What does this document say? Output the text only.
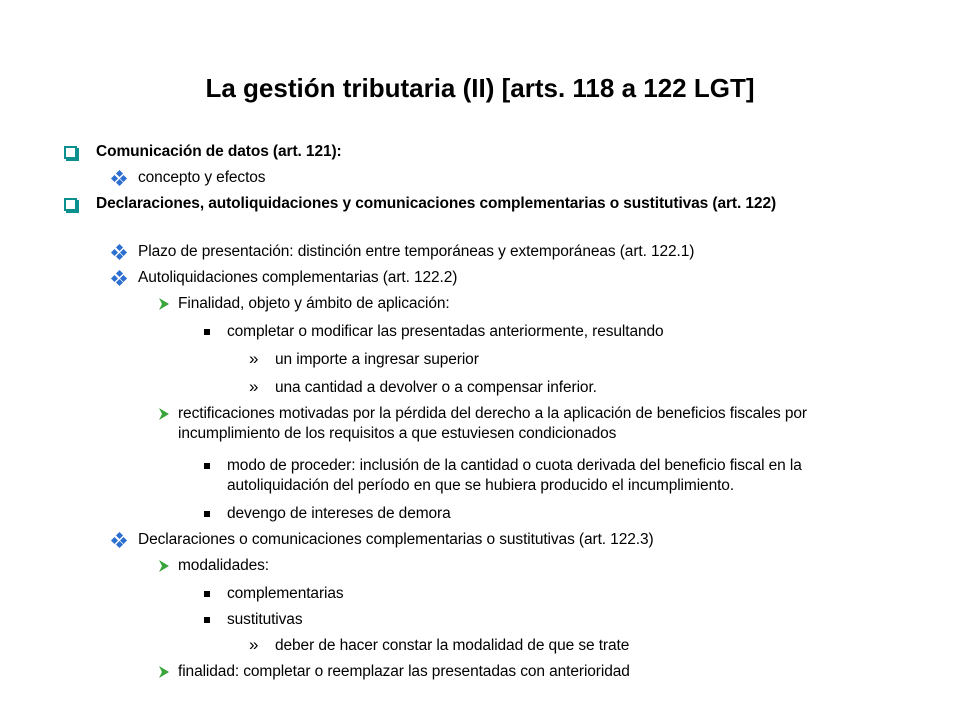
La gestión tributaria (II) [arts. 118 a 122 LGT]
Comunicación de datos (art. 121):
concepto y efectos
Declaraciones, autoliquidaciones y comunicaciones complementarias o sustitutivas (art. 122)
Plazo de presentación: distinción entre temporáneas y extemporáneas (art. 122.1)
Autoliquidaciones complementarias (art. 122.2)
Finalidad, objeto y ámbito de aplicación:
completar o modificar las presentadas anteriormente, resultando
» un importe a ingresar superior
» una cantidad a devolver o a compensar inferior.
rectificaciones motivadas por la pérdida del derecho a la aplicación de beneficios fiscales por incumplimiento de los requisitos a que estuviesen condicionados
modo de proceder: inclusión de la cantidad o cuota derivada del beneficio fiscal en la autoliquidación del período en que se hubiera producido el incumplimiento.
devengo de intereses de demora
Declaraciones o comunicaciones complementarias o sustitutivas (art. 122.3)
modalidades:
complementarias
sustitutivas
» deber de hacer constar la modalidad de que se trate
finalidad: completar o reemplazar las presentadas con anterioridad
